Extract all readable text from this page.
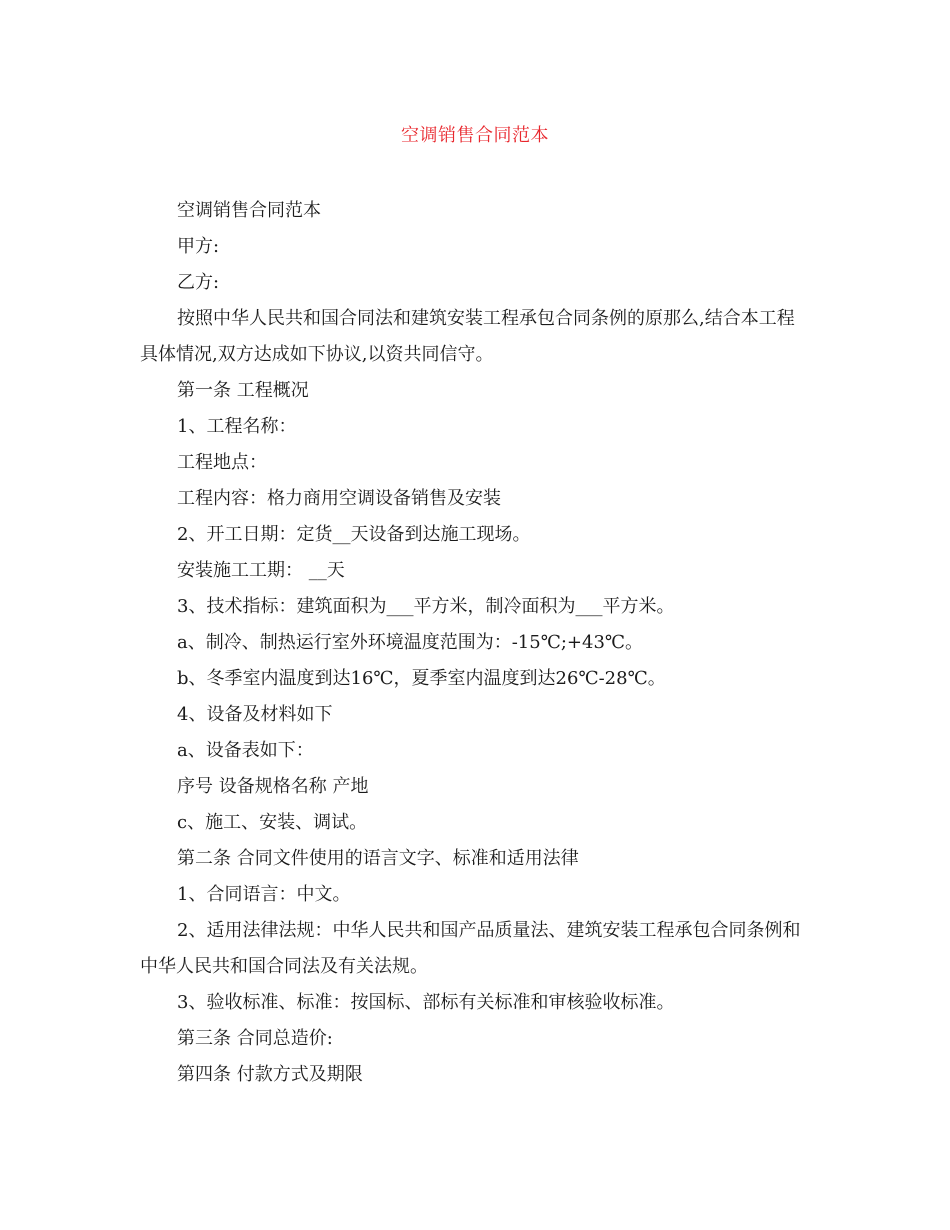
空调销售合同范本

空调销售合同范本

甲方:

乙方:

按照中华人民共和国合同法和建筑安装工程承包合同条例的原那么,结合本工程具体情况,双方达成如下协议,以资共同信守。

第一条 工程概况

1、工程名称：

工程地点：

工程内容：格力商用空调设备销售及安装

2、开工日期：定货__天设备到达施工现场。

安装施工工期： __天

3、技术指标：建筑面积为___平方米，制冷面积为___平方米。

a、制冷、制热运行室外环境温度范围为：-15℃;+43℃。

b、冬季室内温度到达16℃，夏季室内温度到达26℃-28℃。

4、设备及材料如下

a、设备表如下：

序号 设备规格名称 产地

c、施工、安装、调试。

第二条 合同文件使用的语言文字、标准和适用法律

1、合同语言：中文。

2、适用法律法规：中华人民共和国产品质量法、建筑安装工程承包合同条例和中华人民共和国合同法及有关法规。

3、验收标准、标准：按国标、部标有关标准和审核验收标准。

第三条 合同总造价:

第四条 付款方式及期限
